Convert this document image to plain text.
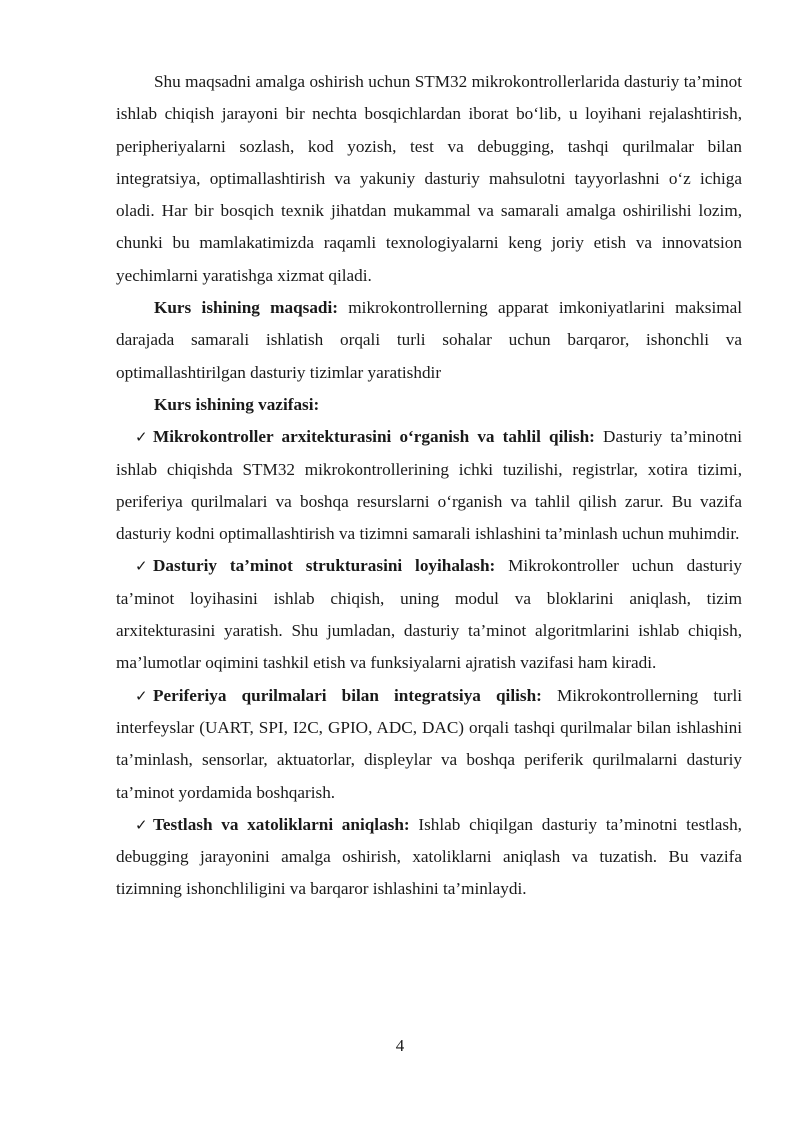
Shu maqsadni amalga oshirish uchun STM32 mikrokontrollerlarida dasturiy ta’minot ishlab chiqish jarayoni bir nechta bosqichlardan iborat bo‘lib, u loyihani rejalashtirish, peripheriyalarni sozlash, kod yozish, test va debugging, tashqi qurilmalar bilan integratsiya, optimallashtirish va yakuniy dasturiy mahsulotni tayyorlashni o‘z ichiga oladi. Har bir bosqich texnik jihatdan mukammal va samarali amalga oshirilishi lozim, chunki bu mamlakatimizda raqamli texnologiyalarni keng joriy etish va innovatsion yechimlarni yaratishga xizmat qiladi.

Kurs ishining maqsadi: mikrokontrollerning apparat imkoniyatlarini maksimal darajada samarali ishlatish orqali turli sohalar uchun barqaror, ishonchli va optimallashtirilgan dasturiy tizimlar yaratishdir

Kurs ishining vazifasi:

✓ Mikrokontroller arxitekturasini o‘rganish va tahlil qilish: Dasturiy ta’minotni ishlab chiqishda STM32 mikrokontrollerining ichki tuzilishi, registrlar, xotira tizimi, periferiya qurilmalari va boshqa resurslarni o‘rganish va tahlil qilish zarur. Bu vazifa dasturiy kodni optimallashtirish va tizimni samarali ishlashini ta’minlash uchun muhimdir.

✓ Dasturiy ta’minot strukturasini loyihalash: Mikrokontroller uchun dasturiy ta’minot loyihasini ishlab chiqish, uning modul va bloklarini aniqlash, tizim arxitekturasini yaratish. Shu jumladan, dasturiy ta’minot algoritmlarini ishlab chiqish, ma’lumotlar oqimini tashkil etish va funksiyalarni ajratish vazifasi ham kiradi.

✓ Periferiya qurilmalari bilan integratsiya qilish: Mikrokontrollerning turli interfeyslar (UART, SPI, I2C, GPIO, ADC, DAC) orqali tashqi qurilmalar bilan ishlashini ta’minlash, sensorlar, aktuatorlar, displeylar va boshqa periferik qurilmalarni dasturiy ta’minot yordamida boshqarish.

✓ Testlash va xatoliklarni aniqlash: Ishlab chiqilgan dasturiy ta’minotni testlash, debugging jarayonini amalga oshirish, xatoliklarni aniqlash va tuzatish. Bu vazifa tizimning ishonchliligini va barqaror ishlashini ta’minlaydi.

4
